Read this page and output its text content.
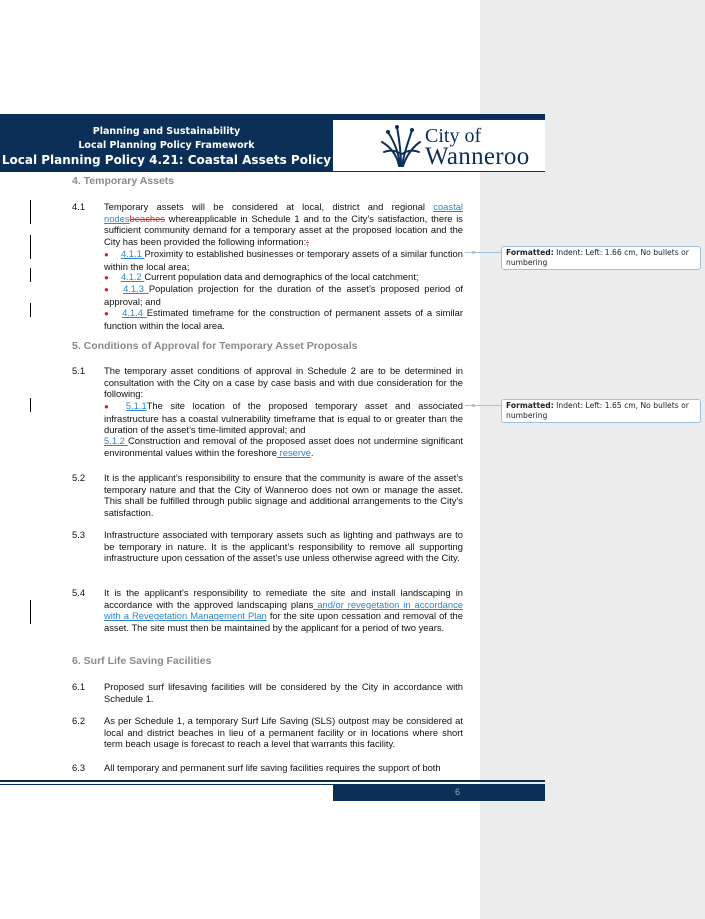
Planning and Sustainability
Local Planning Policy Framework
Local Planning Policy 4.21: Coastal Assets Policy
City of
Wanneroo
4. Temporary Assets
4.1 Temporary assets will be considered at local, district and regional coastal nodesbeaches whereapplicable in Schedule 1 and to the City’s satisfaction, there is sufficient community demand for a temporary asset at the proposed location and the City has been provided the following information:;
● 4.1.1 Proximity to established businesses or temporary assets of a similar function within the local area;
● 4.1.2 Current population data and demographics of the local catchment;
● 4.1.3 Population projection for the duration of the asset’s proposed period of approval; and
● 4.1.4 Estimated timeframe for the construction of permanent assets of a similar function within the local area.
5. Conditions of Approval for Temporary Asset Proposals
5.1 The temporary asset conditions of approval in Schedule 2 are to be determined in consultation with the City on a case by case basis and with due consideration for the following:
● 5.1.1The site location of the proposed temporary asset and associated infrastructure has a coastal vulnerability timeframe that is equal to or greater than the duration of the asset’s time-limited approval; and
5.1.2 Construction and removal of the proposed asset does not undermine significant environmental values within the foreshore reserve.
5.2 It is the applicant’s responsibility to ensure that the community is aware of the asset’s temporary nature and that the City of Wanneroo does not own or manage the asset. This shall be fulfilled through public signage and additional arrangements to the City’s satisfaction.
5.3 Infrastructure associated with temporary assets such as lighting and pathways are to be temporary in nature. It is the applicant’s responsibility to remove all supporting infrastructure upon cessation of the asset’s use unless otherwise agreed with the City.
5.4 It is the applicant’s responsibility to remediate the site and install landscaping in accordance with the approved landscaping plans and/or revegetation in accordance with a Revegetation Management Plan for the site upon cessation and removal of the asset. The site must then be maintained by the applicant for a period of two years.
6. Surf Life Saving Facilities
6.1 Proposed surf lifesaving facilities will be considered by the City in accordance with Schedule 1.
6.2 As per Schedule 1, a temporary Surf Life Saving (SLS) outpost may be considered at local and district beaches in lieu of a permanent facility or in locations where short term beach usage is forecast to reach a level that warrants this facility.
6.3 All temporary and permanent surf life saving facilities requires the support of both
Formatted: Indent: Left: 1.66 cm, No bullets or numbering
Formatted: Indent: Left: 1.65 cm, No bullets or numbering
6
